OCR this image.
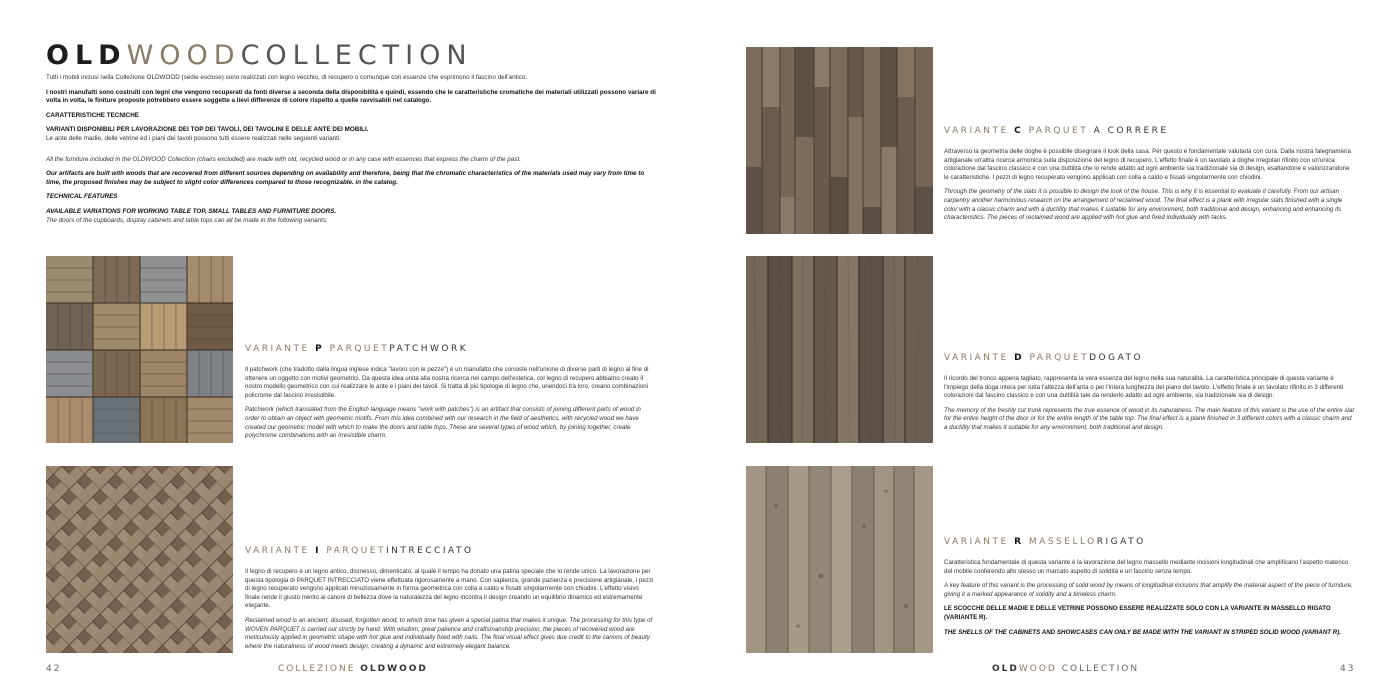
OLDWOODCOLLECTION

Tutti i mobili inclusi nella Collezione OLDWOOD (sedie escluse) sono realizzati con legno vecchio, di recupero o comunque con essenze che esprimono il fascino dell'antico.

I nostri manufatti sono costruiti con legni che vengono recuperati da fonti diverse a seconda della disponibilità e quindi, essendo che le caratteristiche cromatiche dei materiali utilizzati possono variare di volta in volta, le finiture proposte potrebbero essere soggette a lievi differenze di colore rispetto a quelle ravvisabili nel catalogo.

CARATTERISTICHE TECNICHE

VARIANTI DISPONIBILI PER LAVORAZIONE DEI TOP DEI TAVOLI, DEI TAVOLINI E DELLE ANTE DEI MOBILI.

Le ante delle madie, delle vetrine ed i piani dei tavoli possono tutti essere realizzati nelle seguenti varianti:

All the furniture included in the OLDWOOD Collection (chairs excluded) are made with old, recycled wood or in any case with essences that express the charm of the past.

Our artifacts are built with woods that are recovered from different sources depending on availability and therefore, being that the chromatic characteristics of the materials used may vary from time to time, the proposed finishes may be subject to slight color differences compared to those recognizable. in the catalog.

TECHNICAL FEATURES

AVAILABLE VARIATIONS FOR WORKING TABLE TOP, SMALL TABLES AND FURNITURE DOORS.

The doors of the cupboards, display cabinets and table tops can all be made in the following variants:

VARIANTE P PARQUETPATCHWORK

Il patchwork (che tradotto dalla lingua inglese indica "lavoro con le pezze") è un manufatto che consiste nell'unione di diverse parti di legno al fine di ottenere un oggetto con motivi geometrici. Da questa idea unita alla nostra ricerca nel campo dell'estetica, col legno di recupero abbiamo creato il nostro modello geometrico con cui realizzare le ante e i piani dei tavoli. Si tratta di più tipologie di legno che, unendoci tra loro, creano combinazioni policrome dal fascino irresistibile.

Patchwork (which translated from the English language means "work with patches") is an artifact that consists of joining different parts of wood in order to obtain an object with geometric motifs. From this idea combined with our research in the field of aesthetics, with recycled wood we have created our geometric model with which to make the doors and table tops. These are several types of wood which, by joining together, create polychrome combinations with an irresistible charm.

VARIANTE I PARQUETINTRECCIATO

Il legno di recupero è un legno antico, dismesso, dimenticato, al quale il tempo ha donato una patina speciale che lo rende unico. La lavorazione per questa tipologia di PARQUET INTRECCIATO viene effettuata rigorosamente a mano. Con sapienza, grande pazienza e precisione artigianale, i pezzi di legno recuperato vengono applicati minuziosamente in forma geometrica con colla a caldo e fissati singolarmente con chiodini. L'effetto visivo finale rende il giusto merito ai canoni di bellezza dove la naturalezza del legno incontra il design creando un equilibrio dinamico ed estremamente elegante.

Reclaimed wood is an ancient, disused, forgotten wood, to which time has given a special patina that makes it unique. The processing for this type of WOVEN PARQUET is carried out strictly by hand. With wisdom, great patience and craftsmanship precision, the pieces of recovered wood are meticulously applied in geometric shape with hot glue and individually fixed with nails. The final visual effect gives due credit to the canons of beauty where the naturalness of wood meets design, creating a dynamic and extremely elegant balance.

42	COLLEZIONE OLDWOOD
VARIANTE C PARQUET A CORRERE

Attraverso la geometria delle doghe è possibile disegnare il look della casa. Per questo è fondamentale valutarla con cura. Dalla nostra falegnameria artigianale un'altra ricerca armonica sulla disposizione del legno di recupero. L'effetto finale è un tavolato a doghe irregolari rifinito con un'unica colorazione dal fascino classico e con una duttilità che lo rende adatto ad ogni ambiente sia tradizionale sia di design, esaltandone e valorizzandone le caratteristiche. I pezzi di legno recuperato vengono applicati con colla a caldo e fissati singolarmente con chiodini.

Through the geometry of the slats it is possible to design the look of the house. This is why it is essential to evaluate it carefully. From our artisan carpentry another harmonious research on the arrangement of reclaimed wood. The final effect is a plank with irregular slats finished with a single color with a classic charm and with a ductility that makes it suitable for any environment, both traditional and design, enhancing and enhancing its characteristics. The pieces of reclaimed wood are applied with hot glue and fixed individually with tacks.

VARIANTE D PARQUETDOGATO

Il ricordo del tronco appena tagliato, rappresenta la vera essenza del legno nella sua naturalità. La caratteristica principale di questa variante è l'impiego della doga intera per tutta l'altezza dell'anta o per l'intera lunghezza del piano del tavolo. L'effetto finale è un tavolato rifinito in 3 differenti colorazioni dal fascino classico e con una duttilità tale da renderlo adatto ad ogni ambiente, sia tradizionale sia di design.

The memory of the freshly cut trunk represents the true essence of wood in its naturalness. The main feature of this variant is the use of the entire slat for the entire height of the door or for the entire length of the table top. The final effect is a plank finished in 3 different colors with a classic charm and a ductility that makes it suitable for any environment, both traditional and design.

VARIANTE R MASSELLORIGATO

Caratteristica fondamentale di questa variante è la lavorazione del legno massello mediante incisioni longitudinali che amplificano l'aspetto materico del mobile conferendo allo stesso un marcato aspetto di solidità e un fascino senza tempo.

A key feature of this variant is the processing of solid wood by means of longitudinal incisions that amplify the material aspect of the piece of furniture, giving it a marked appearance of solidity and a timeless charm.

LE SCOCCHE DELLE MADIE E DELLE VETRINE POSSONO ESSERE REALIZZATE SOLO CON LA VARIANTE IN MASSELLO RIGATO (VARIANTE R).

THE SHELLS OF THE CABINETS AND SHOWCASES CAN ONLY BE MADE WITH THE VARIANT IN STRIPED SOLID WOOD (VARIANT R).

OLDWOOD COLLECTION	43
